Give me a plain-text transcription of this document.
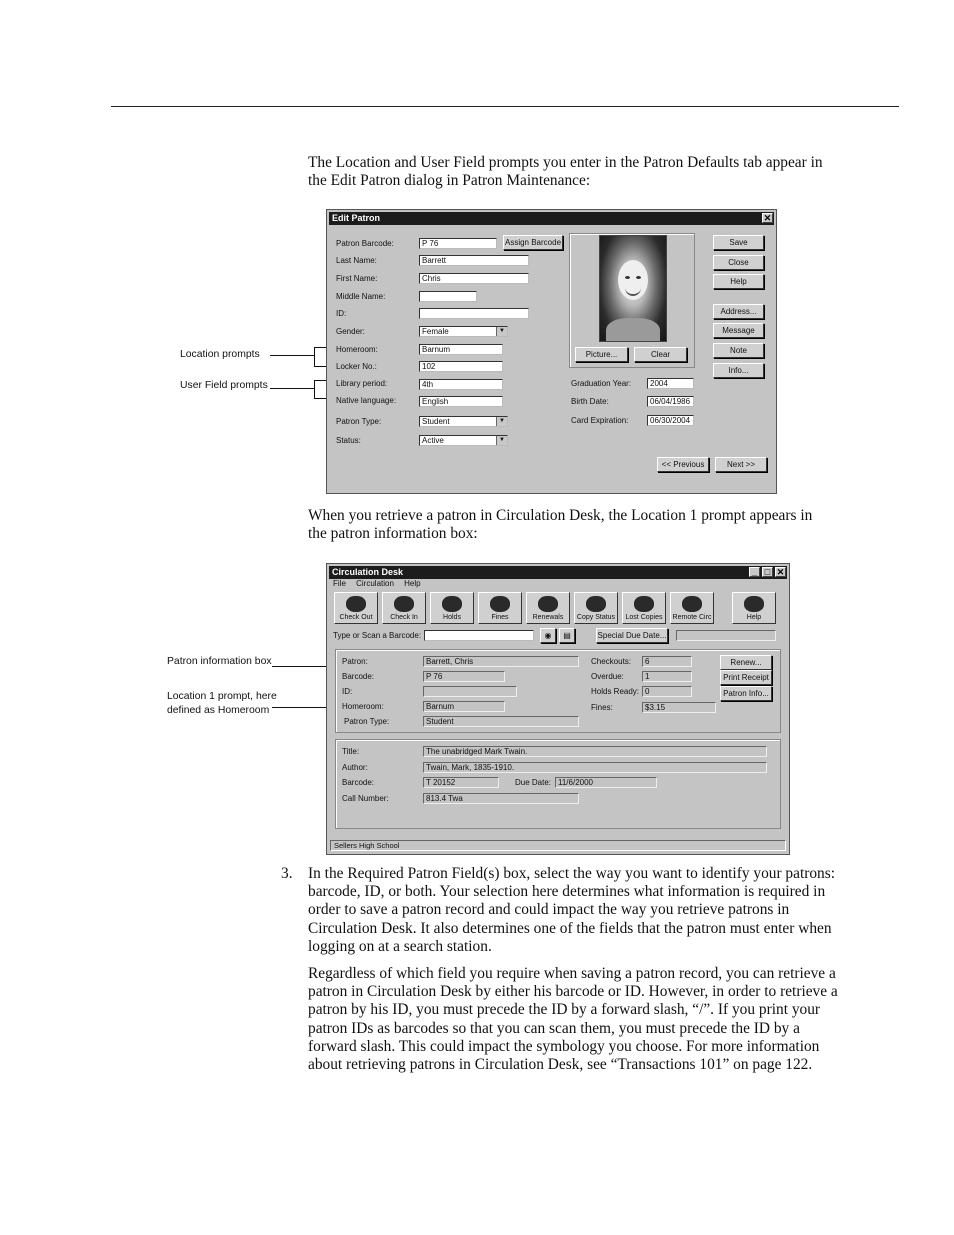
The Location and User Field prompts you enter in the Patron Defaults tab appear in the Edit Patron dialog in Patron Maintenance:

Location prompts
User Field prompts
Edit Patron	✕
Patron Barcode:	P 76	Assign Barcode
Last Name:	Barrett
First Name:	Chris
Middle Name:
ID:
Gender:	Female	▼
Homeroom:	Barnum
Locker No.:	102
Library period:	4th
Native language:	English
Patron Type:	Student	▼
Status:	Active	▼
Picture...	Clear
Graduation Year:	2004
Birth Date:	06/04/1986
Card Expiration:	06/30/2004
Save
Close
Help
Address...
Message
Note
Info...
<< Previous	Next >>

When you retrieve a patron in Circulation Desk, the Location 1 prompt appears in the patron information box:

Patron information box
Location 1 prompt, here
defined as Homeroom
Circulation Desk	_ □ ✕
File Circulation Help
Check Out	Check In	Holds	Fines	Renewals	Copy Status	Lost Copies	Remote Circ	Help
Type or Scan a Barcode:	◉	▤	Special Due Date...
Patron:	Barrett, Chris
Barcode:	P 76
ID:
Homeroom:	Barnum
Patron Type:	Student
Checkouts:	6
Overdue:	1
Holds Ready: 0
Fines:	$3.15
Renew...
Print Receipt
Patron Info...
Title:	The unabridged Mark Twain.
Author:	Twain, Mark, 1835-1910.
Barcode:	T 20152	Due Date: 11/6/2000
Call Number:	813.4 Twa
Sellers High School
3. In the Required Patron Field(s) box, select the way you want to identify your patrons: barcode, ID, or both. Your selection here determines what information is required in order to save a patron record and could impact the way you retrieve patrons in Circulation Desk. It also determines one of the fields that the patron must enter when logging on at a search station.

Regardless of which field you require when saving a patron record, you can retrieve a patron in Circulation Desk by either his barcode or ID. However, in order to retrieve a patron by his ID, you must precede the ID by a forward slash, “/”. If you print your patron IDs as barcodes so that you can scan them, you must precede the ID by a forward slash. This could impact the symbology you choose. For more information about retrieving patrons in Circulation Desk, see “Transactions 101” on page 122.
